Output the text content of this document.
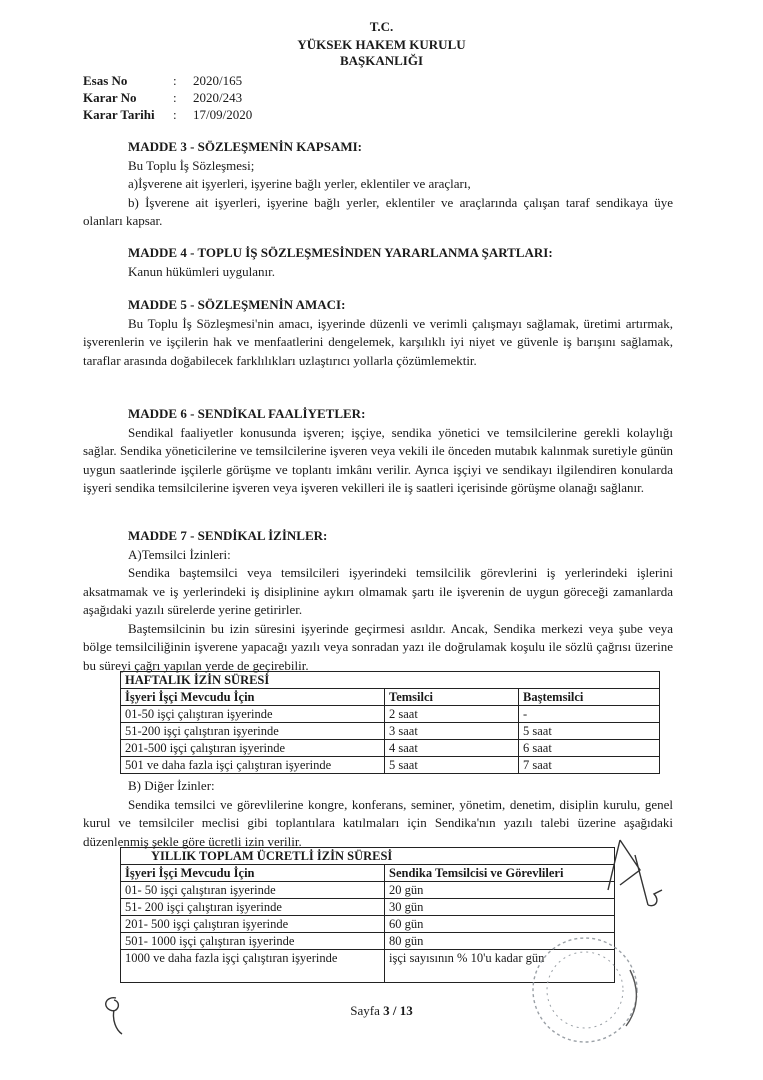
T.C.
YÜKSEK HAKEM KURULU
BAŞKANLIĞI
Esas No	:	2020/165
Karar No	:	2020/243
Karar Tarihi	:	17/09/2020

MADDE 3 - SÖZLEŞMENİN KAPSAMI:

Bu Toplu İş Sözleşmesi;

a)İşverene ait işyerleri, işyerine bağlı yerler, eklentiler ve araçları,

b) İşverene ait işyerleri, işyerine bağlı yerler, eklentiler ve araçlarında çalışan taraf sendikaya üye olanları kapsar.

MADDE 4 - TOPLU İŞ SÖZLEŞMESİNDEN YARARLANMA ŞARTLARI:

Kanun hükümleri uygulanır.

MADDE 5 - SÖZLEŞMENİN AMACI:

Bu Toplu İş Sözleşmesi'nin amacı, işyerinde düzenli ve verimli çalışmayı sağlamak, üretimi artırmak, işverenlerin ve işçilerin hak ve menfaatlerini dengelemek, karşılıklı iyi niyet ve güvenle iş barışını sağlamak, taraflar arasında doğabilecek farklılıkları uzlaştırıcı yollarla çözümlemektir.

MADDE 6 - SENDİKAL FAALİYETLER:

Sendikal faaliyetler konusunda işveren; işçiye, sendika yönetici ve temsilcilerine gerekli kolaylığı sağlar. Sendika yöneticilerine ve temsilcilerine işveren veya vekili ile önceden mutabık kalınmak suretiyle günün uygun saatlerinde işçilerle görüşme ve toplantı imkânı verilir. Ayrıca işçiyi ve sendikayı ilgilendiren konularda işyeri sendika temsilcilerine işveren veya işveren vekilleri ile iş saatleri içerisinde görüşme olanağı sağlanır.

MADDE 7 - SENDİKAL İZİNLER:

A)Temsilci İzinleri:

Sendika baştemsilci veya temsilcileri işyerindeki temsilcilik görevlerini iş yerlerindeki işlerini aksatmamak ve iş yerlerindeki iş disiplinine aykırı olmamak şartı ile işverenin de uygun göreceği zamanlarda aşağıdaki yazılı sürelerde yerine getirirler.

Baştemsilcinin bu izin süresini işyerinde geçirmesi asıldır. Ancak, Sendika merkezi veya şube veya bölge temsilciliğinin işverene yapacağı yazılı veya sonradan yazı ile doğrulamak koşulu ile sözlü çağrısı üzerine bu süreyi çağrı yapılan yerde de geçirebilir.

HAFTALIK İZİN SÜRESİ		
İşyeri İşçi Mevcudu İçin	Temsilci	Baştemsilci
01-50 işçi çalıştıran işyerinde	2 saat	-
51-200 işçi çalıştıran işyerinde	3 saat	5 saat
201-500 işçi çalıştıran işyerinde	4 saat	6 saat
501 ve daha fazla işçi çalıştıran işyerinde	5 saat	7 saat

B) Diğer İzinler:

Sendika temsilci ve görevlilerine kongre, konferans, seminer, yönetim, denetim, disiplin kurulu, genel kurul ve temsilciler meclisi gibi toplantılara katılmaları için Sendika'nın yazılı talebi üzerine aşağıdaki düzenlenmiş şekle göre ücretli izin verilir.

YILLIK TOPLAM ÜCRETLİ İZİN SÜRESİ	
İşyeri İşçi Mevcudu İçin	Sendika Temsilcisi ve Görevlileri
01- 50 işçi çalıştıran işyerinde	20 gün
51- 200 işçi çalıştıran işyerinde	30 gün
201- 500 işçi çalıştıran işyerinde	60 gün
501- 1000 işçi çalıştıran işyerinde	80 gün
1000 ve daha fazla işçi çalıştıran işyerinde	işçi sayısının % 10'u kadar gün
Sayfa 3 / 13
